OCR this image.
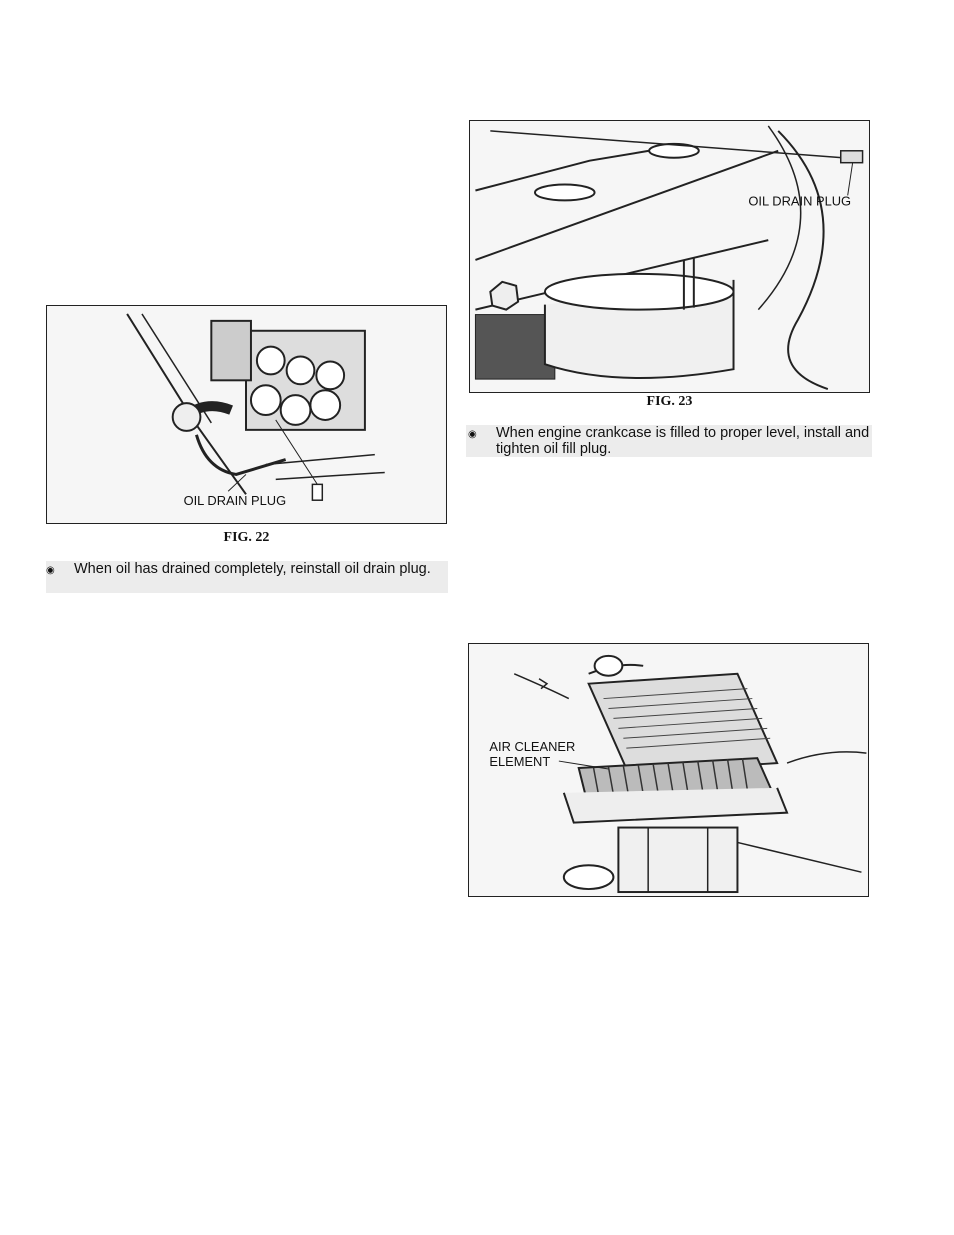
OIL DRAIN PLUG
FIG. 22
◉ When oil has drained completely, reinstall oil drain plug.
OIL DRAIN PLUG
FIG. 23
◉ When engine crankcase is filled to proper level, install and tighten oil fill plug.
AIR CLEANER
ELEMENT
